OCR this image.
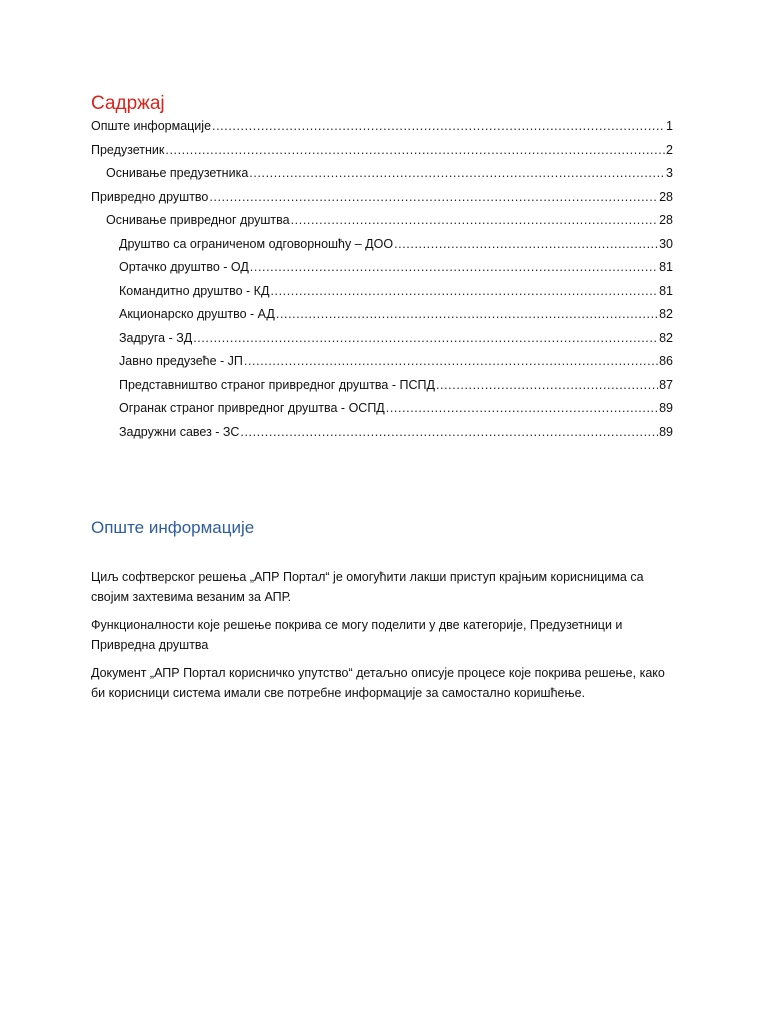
Садржај
Опште информације .....	1
Предузетник .....	2
Оснивање предузетника .....	3
Привредно друштво .....	28
Оснивање привредног друштва .....	28
Друштво са ограниченом одговорношћу – ДОО .....	30
Ортачко друштво - ОД .....	81
Командитно друштво - КД .....	81
Акционарско друштво - АД .....	82
Задруга - ЗД .....	82
Јавно предузеће - ЈП .....	86
Представништво страног привредног друштва - ПСПД .....	87
Огранак страног привредног друштва - ОСПД .....	89
Задружни савез - ЗС .....	89
Опште информације

Циљ софтверског решења „АПР Портал“ је омогућити лакши приступ крајњим корисницима са својим захтевима везаним за АПР.

Функционалности које решење покрива се могу поделити у две категорије, Предузетници и Привредна друштва

Документ „АПР Портал корисничко упутство“ детаљно описује процесе које покрива решење, како би корисници система имали све потребне информације за самостално коришћење.
